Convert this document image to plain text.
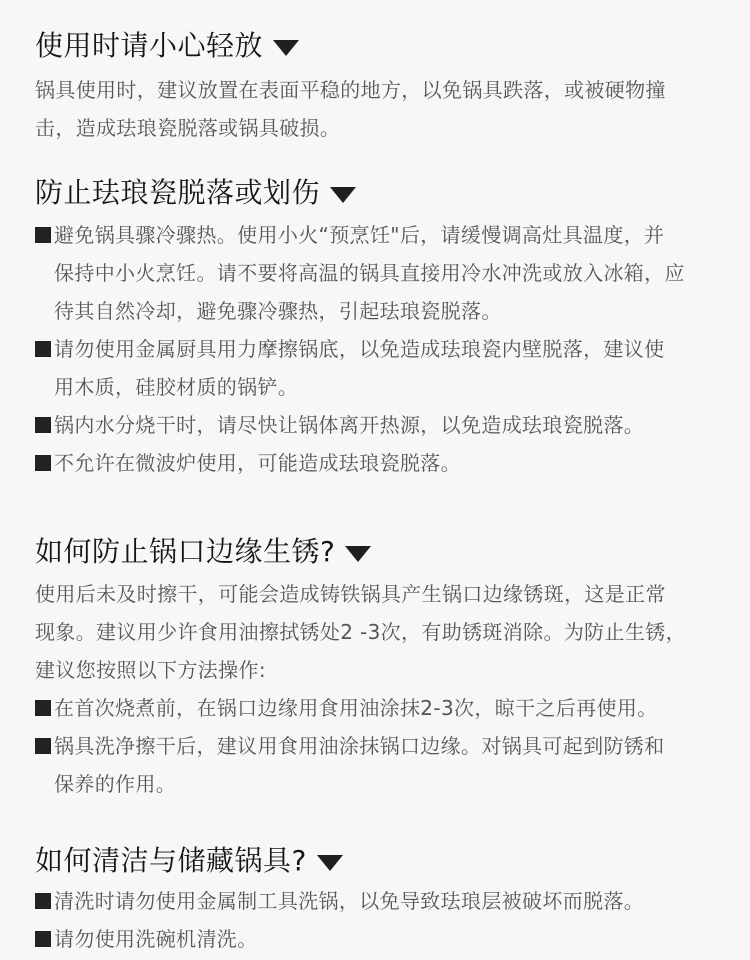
使用时请小心轻放
锅具使用时，建议放置在表面平稳的地方，以免锅具跌落，或被硬物撞
击，造成珐琅瓷脱落或锅具破损。
防止珐琅瓷脱落或划伤
避免锅具骤冷骤热。使用小火“预烹饪"后，请缓慢调高灶具温度，并
保持中小火烹饪。请不要将高温的锅具直接用冷水冲洗或放入冰箱，应
待其自然冷却，避免骤冷骤热，引起珐琅瓷脱落。
请勿使用金属厨具用力摩擦锅底，以免造成珐琅瓷内壁脱落，建议使
用木质，硅胶材质的锅铲。
锅内水分烧干时，请尽快让锅体离开热源，以免造成珐琅瓷脱落。
不允许在微波炉使用，可能造成珐琅瓷脱落。
如何防止锅口边缘生锈?
使用后未及时擦干，可能会造成铸铁锅具产生锅口边缘锈斑，这是正常
现象。建议用少许食用油擦拭锈处2 -3次，有助锈斑消除。为防止生锈，
建议您按照以下方法操作:
在首次烧煮前，在锅口边缘用食用油涂抹2-3次，晾干之后再使用。
锅具洗净擦干后，建议用食用油涂抹锅口边缘。对锅具可起到防锈和
保养的作用。
如何清洁与储藏锅具?
清洗时请勿使用金属制工具洗锅，以免导致珐琅层被破坏而脱落。
请勿使用洗碗机清洗。
